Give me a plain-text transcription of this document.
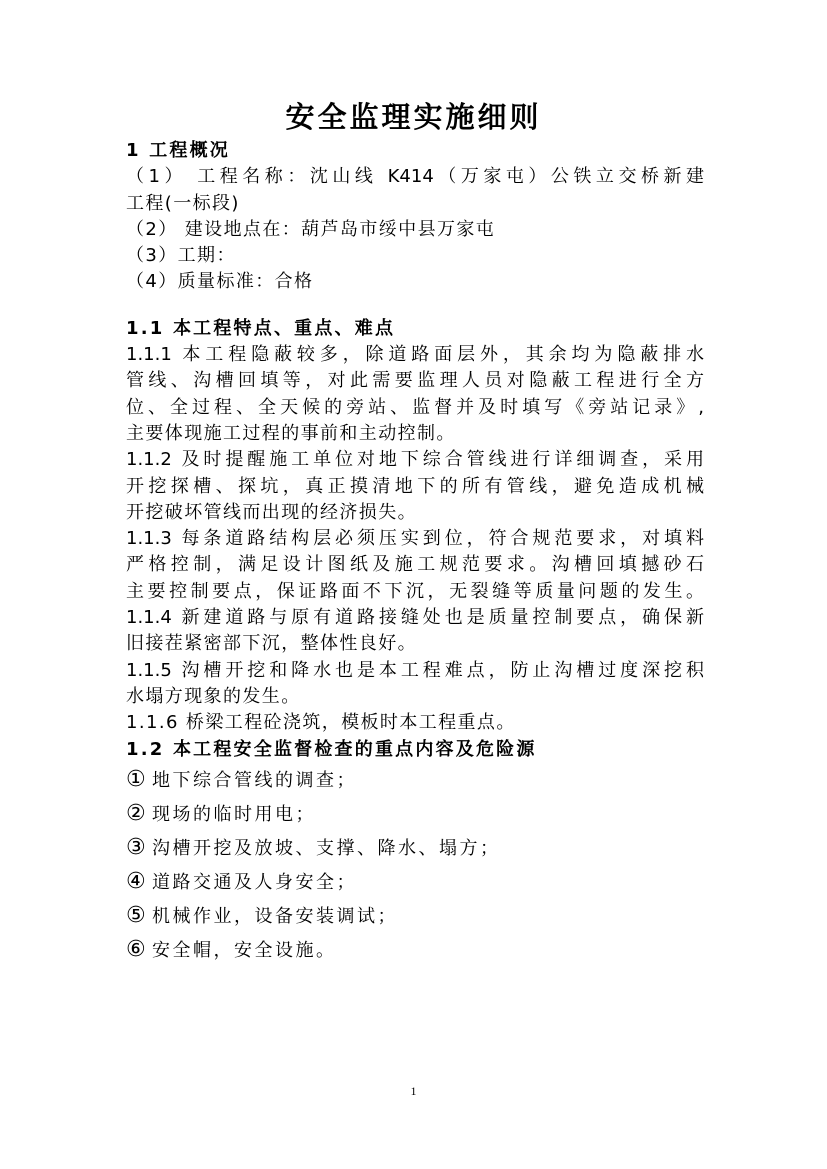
安全监理实施细则
1 工程概况
（1） 工程名称：沈山线 K414（万家屯）公铁立交桥新建
工程(一标段)
（2） 建设地点在：葫芦岛市绥中县万家屯
（3）工期：
（4）质量标准：合格
1.1 本工程特点、重点、难点
1.1.1 本工程隐蔽较多，除道路面层外，其余均为隐蔽排水
管线、沟槽回填等，对此需要监理人员对隐蔽工程进行全方
位、全过程、全天候的旁站、监督并及时填写《旁站记录》,
主要体现施工过程的事前和主动控制。
1.1.2 及时提醒施工单位对地下综合管线进行详细调查，采用
开挖探槽、探坑，真正摸清地下的所有管线，避免造成机械
开挖破坏管线而出现的经济损失。
1.1.3 每条道路结构层必须压实到位，符合规范要求，对填料
严格控制，满足设计图纸及施工规范要求。沟槽回填撼砂石
主要控制要点，保证路面不下沉，无裂缝等质量问题的发生。
1.1.4 新建道路与原有道路接缝处也是质量控制要点，确保新
旧接茬紧密部下沉，整体性良好。
1.1.5 沟槽开挖和降水也是本工程难点，防止沟槽过度深挖积
水塌方现象的发生。
1.1.6 桥梁工程砼浇筑，模板时本工程重点。
1.2 本工程安全监督检查的重点内容及危险源
① 地下综合管线的调查；
② 现场的临时用电；
③ 沟槽开挖及放坡、支撑、降水、塌方；
④ 道路交通及人身安全；
⑤ 机械作业，设备安装调试；
⑥ 安全帽，安全设施。
1
